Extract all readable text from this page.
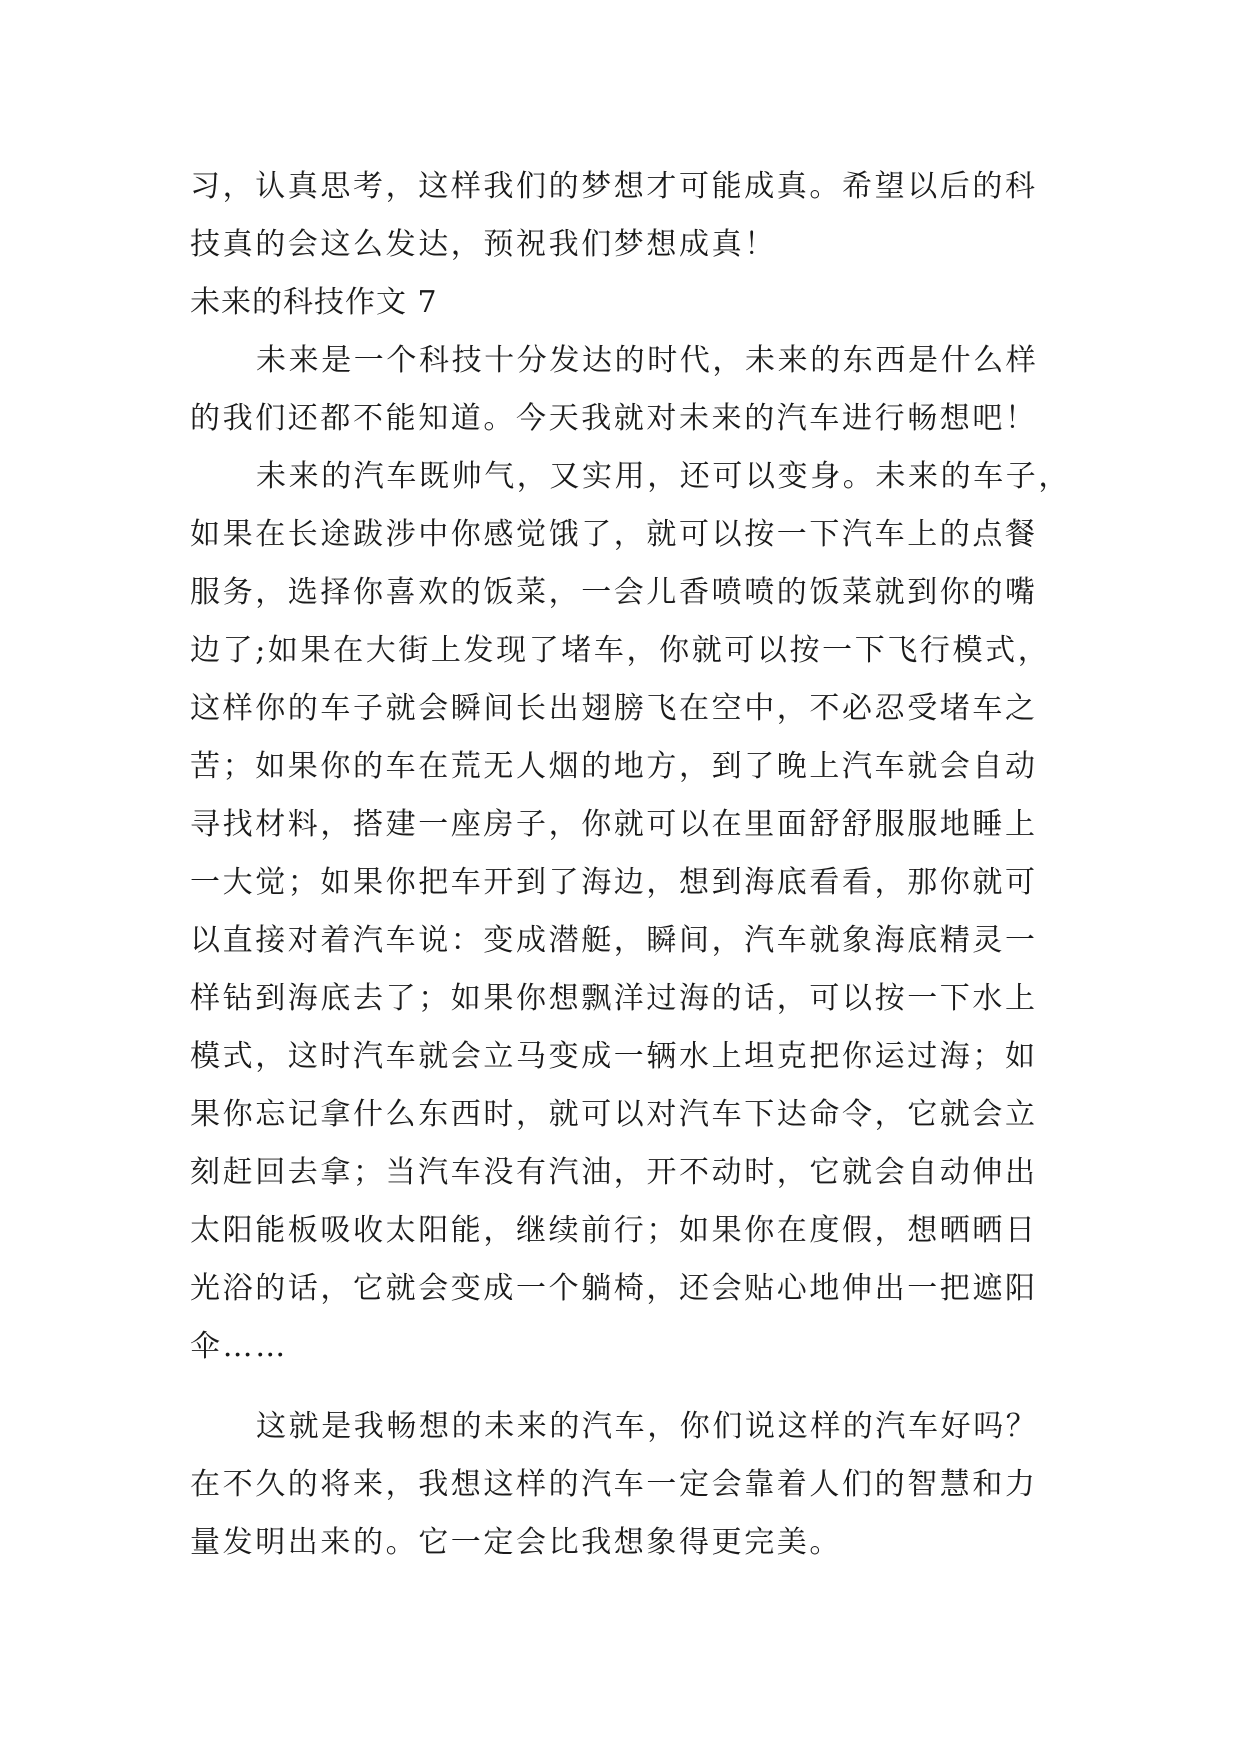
习，认真思考，这样我们的梦想才可能成真。希望以后的科
技真的会这么发达，预祝我们梦想成真！
未来的科技作文 7
未来是一个科技十分发达的时代，未来的东西是什么样
的我们还都不能知道。今天我就对未来的汽车进行畅想吧！
未来的汽车既帅气，又实用，还可以变身。未来的车子，
如果在长途跋涉中你感觉饿了，就可以按一下汽车上的点餐
服务，选择你喜欢的饭菜，一会儿香喷喷的饭菜就到你的嘴
边了;如果在大街上发现了堵车，你就可以按一下飞行模式，
这样你的车子就会瞬间长出翅膀飞在空中，不必忍受堵车之
苦；如果你的车在荒无人烟的地方，到了晚上汽车就会自动
寻找材料，搭建一座房子，你就可以在里面舒舒服服地睡上
一大觉；如果你把车开到了海边，想到海底看看，那你就可
以直接对着汽车说：变成潜艇，瞬间，汽车就象海底精灵一
样钻到海底去了；如果你想飘洋过海的话，可以按一下水上
模式，这时汽车就会立马变成一辆水上坦克把你运过海；如
果你忘记拿什么东西时，就可以对汽车下达命令，它就会立
刻赶回去拿；当汽车没有汽油，开不动时，它就会自动伸出
太阳能板吸收太阳能，继续前行；如果你在度假，想晒晒日
光浴的话，它就会变成一个躺椅，还会贴心地伸出一把遮阳
伞……
这就是我畅想的未来的汽车，你们说这样的汽车好吗？
在不久的将来，我想这样的汽车一定会靠着人们的智慧和力
量发明出来的。它一定会比我想象得更完美。
